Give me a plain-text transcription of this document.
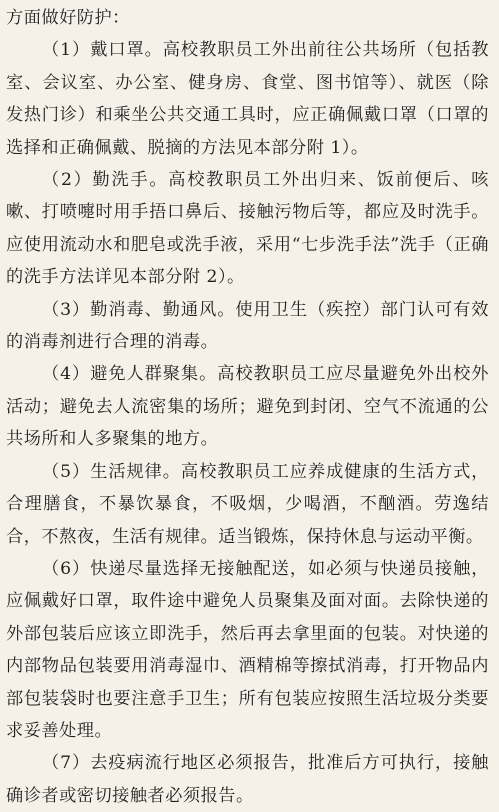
方面做好防护：

（1）戴口罩。高校教职员工外出前往公共场所（包括教室、会议室、办公室、健身房、食堂、图书馆等）、就医（除发热门诊）和乘坐公共交通工具时，应正确佩戴口罩（口罩的选择和正确佩戴、脱摘的方法见本部分附 1）。

（2）勤洗手。高校教职员工外出归来、饭前便后、咳嗽、打喷嚏时用手捂口鼻后、接触污物后等，都应及时洗手。应使用流动水和肥皂或洗手液，采用“七步洗手法”洗手（正确的洗手方法详见本部分附 2）。

（3）勤消毒、勤通风。使用卫生（疾控）部门认可有效的消毒剂进行合理的消毒。

（4）避免人群聚集。高校教职员工应尽量避免外出校外活动；避免去人流密集的场所；避免到封闭、空气不流通的公共场所和人多聚集的地方。

（5）生活规律。高校教职员工应养成健康的生活方式，合理膳食，不暴饮暴食，不吸烟，少喝酒，不酗酒。劳逸结合，不熬夜，生活有规律。适当锻炼，保持休息与运动平衡。

（6）快递尽量选择无接触配送，如必须与快递员接触，应佩戴好口罩，取件途中避免人员聚集及面对面。去除快递的外部包装后应该立即洗手，然后再去拿里面的包装。对快递的内部物品包装要用消毒湿巾、酒精棉等擦拭消毒，打开物品内部包装袋时也要注意手卫生；所有包装应按照生活垃圾分类要求妥善处理。

（7）去疫病流行地区必须报告，批准后方可执行，接触确诊者或密切接触者必须报告。
